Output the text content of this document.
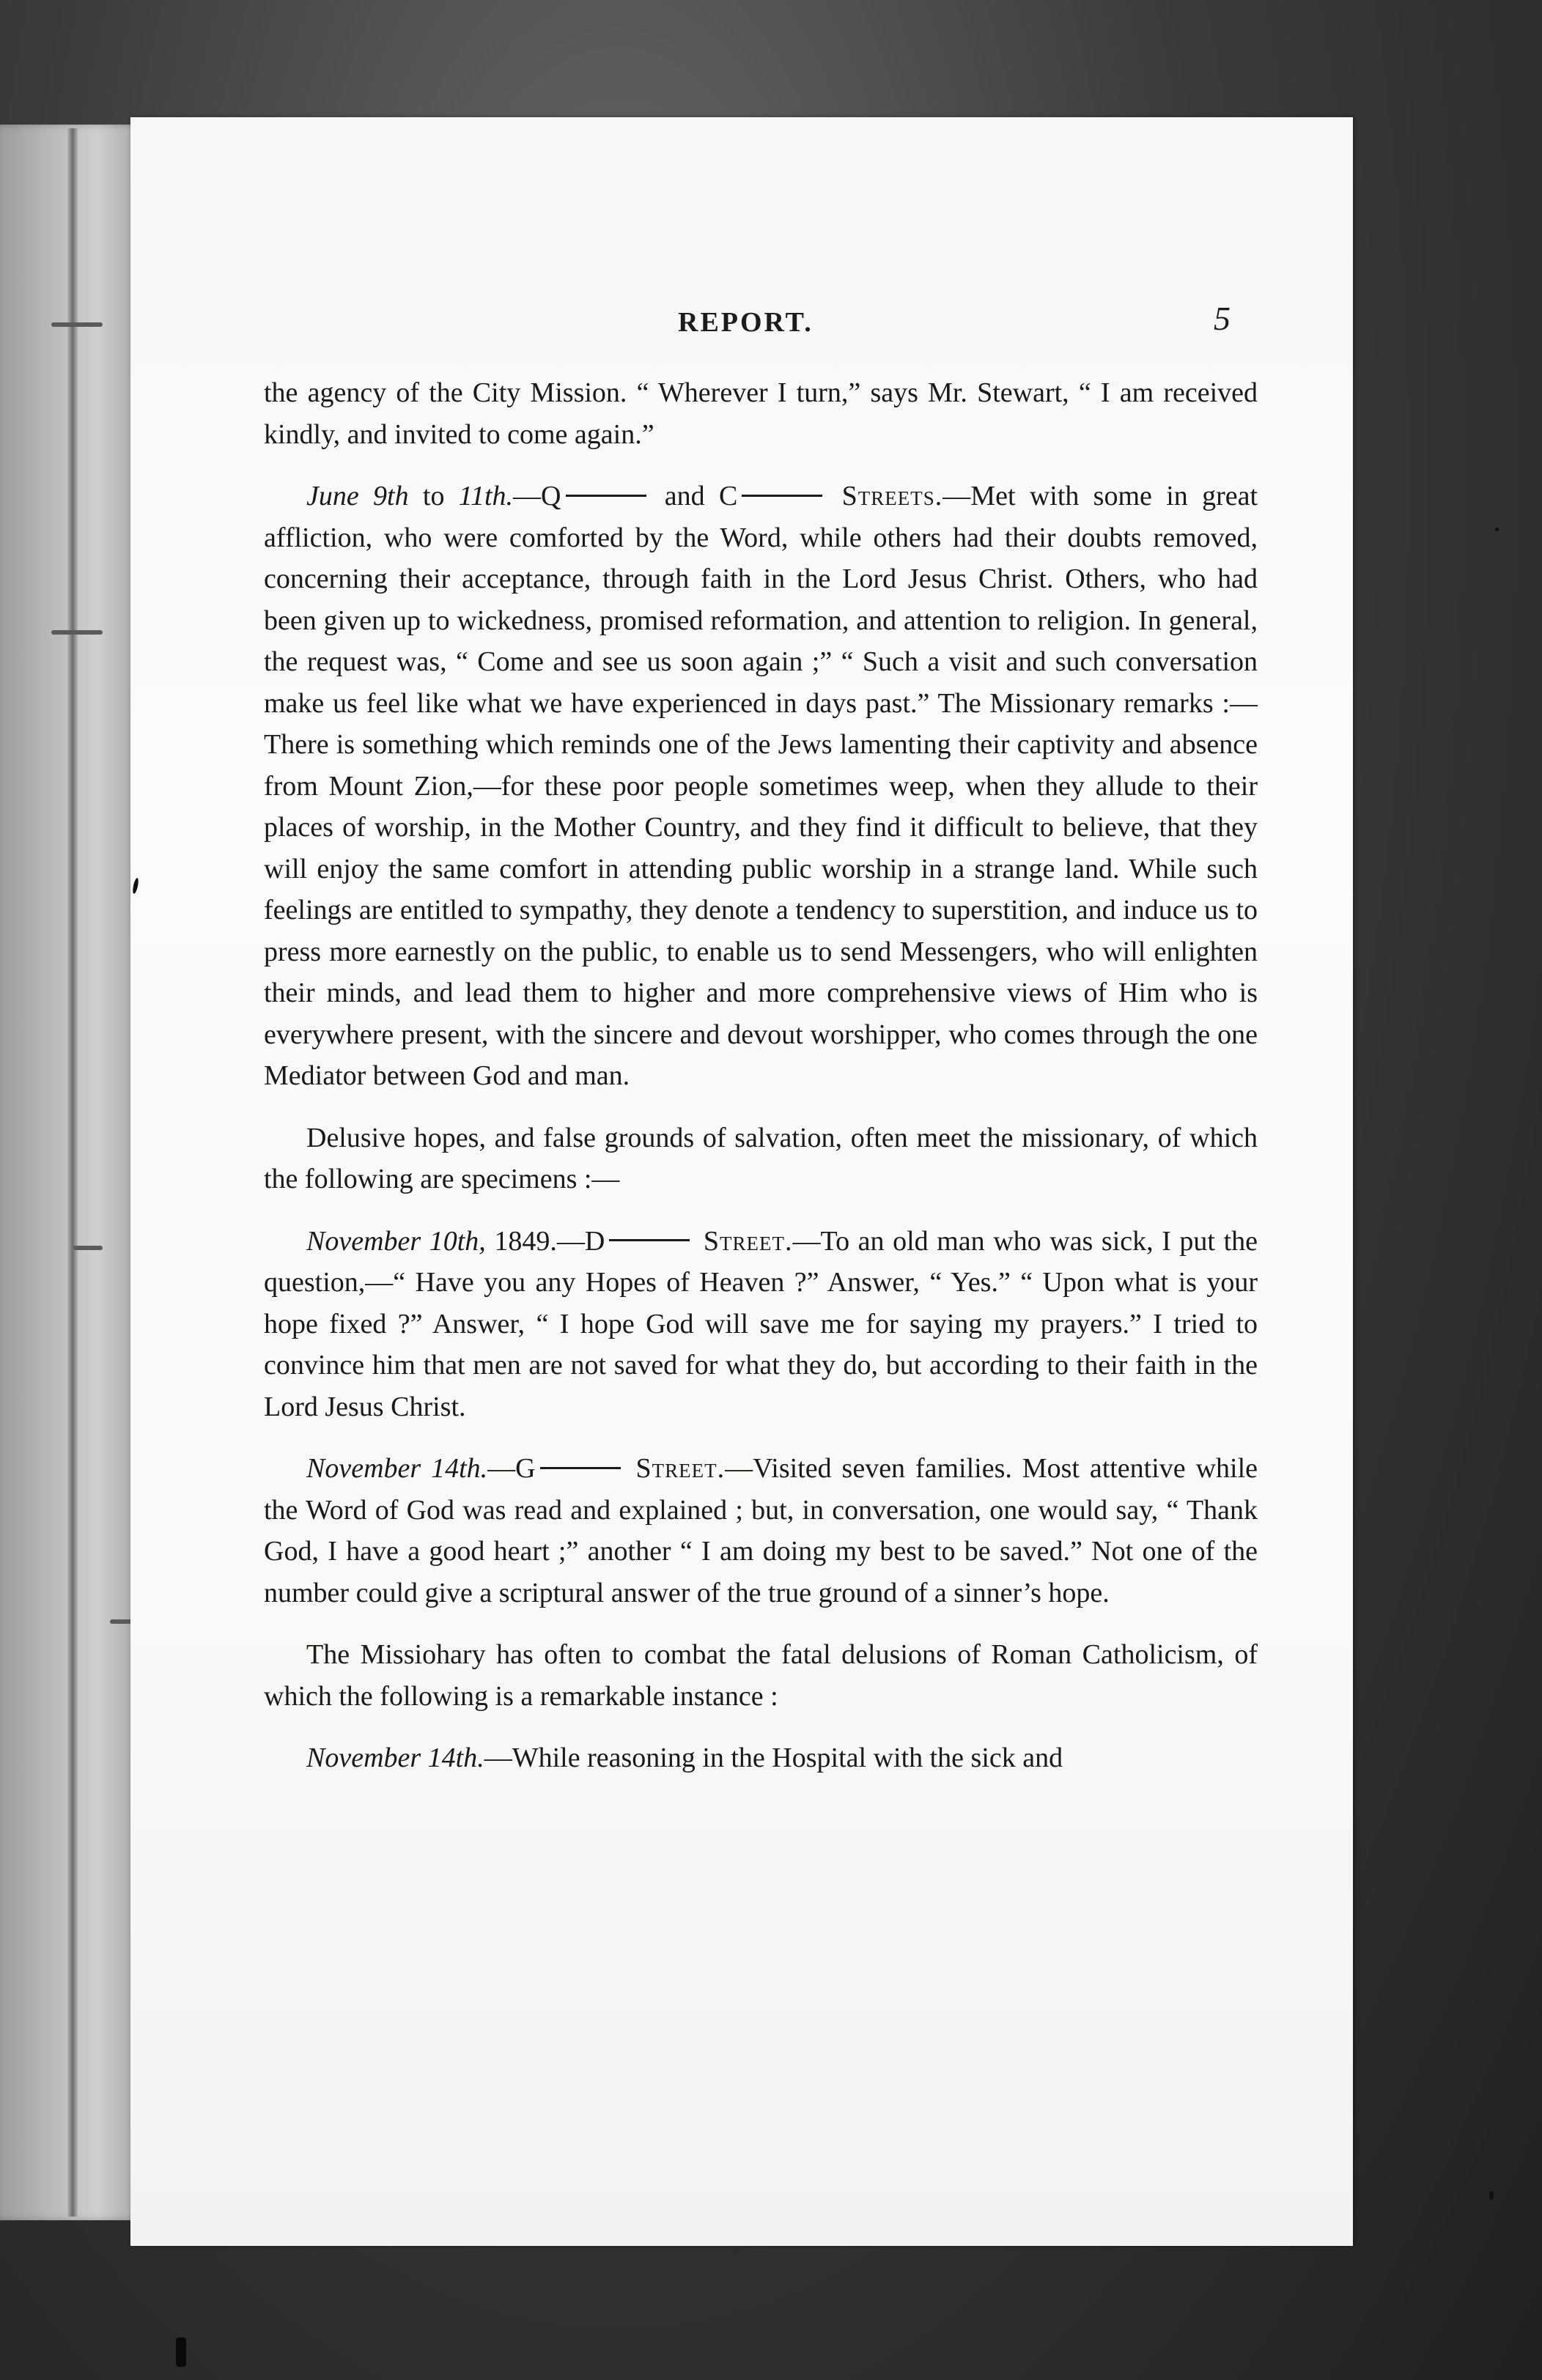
REPORT.	5

the agency of the City Mission. “ Wherever I turn,” says Mr. Stewart, “ I am received kindly, and invited to come again.”

June 9th to 11th.—Q	and C	Streets.—Met with some in great affliction, who were comforted by the Word, while others had their doubts removed, concerning their acceptance, through faith in the Lord Jesus Christ. Others, who had been given up to wickedness, promised reformation, and attention to religion. In general, the request was, “ Come and see us soon again ;” “ Such a visit and such conversation make us feel like what we have experienced in days past.” The Missionary remarks :—There is something which reminds one of the Jews lamenting their captivity and absence from Mount Zion,—for these poor people sometimes weep, when they allude to their places of worship, in the Mother Country, and they find it difficult to believe, that they will enjoy the same comfort in attending public worship in a strange land. While such feelings are entitled to sympathy, they denote a tendency to superstition, and induce us to press more earnestly on the public, to enable us to send Messengers, who will enlighten their minds, and lead them to higher and more comprehensive views of Him who is everywhere present, with the sincere and devout worshipper, who comes through the one Mediator between God and man.

Delusive hopes, and false grounds of salvation, often meet the missionary, of which the following are specimens :—

November 10th, 1849.—D	Street.—To an old man who was sick, I put the question,—“ Have you any Hopes of Heaven ?” Answer, “ Yes.” “ Upon what is your hope fixed ?” Answer, “ I hope God will save me for saying my prayers.” I tried to convince him that men are not saved for what they do, but according to their faith in the Lord Jesus Christ.

November 14th.—G	Street.—Visited seven families. Most attentive while the Word of God was read and explained ; but, in conversation, one would say, “ Thank God, I have a good heart ;” another “ I am doing my best to be saved.” Not one of the number could give a scriptural answer of the true ground of a sinner’s hope.

The Missiohary has often to combat the fatal delusions of Roman Catholicism, of which the following is a remarkable instance :

November 14th.—While reasoning in the Hospital with the sick and
